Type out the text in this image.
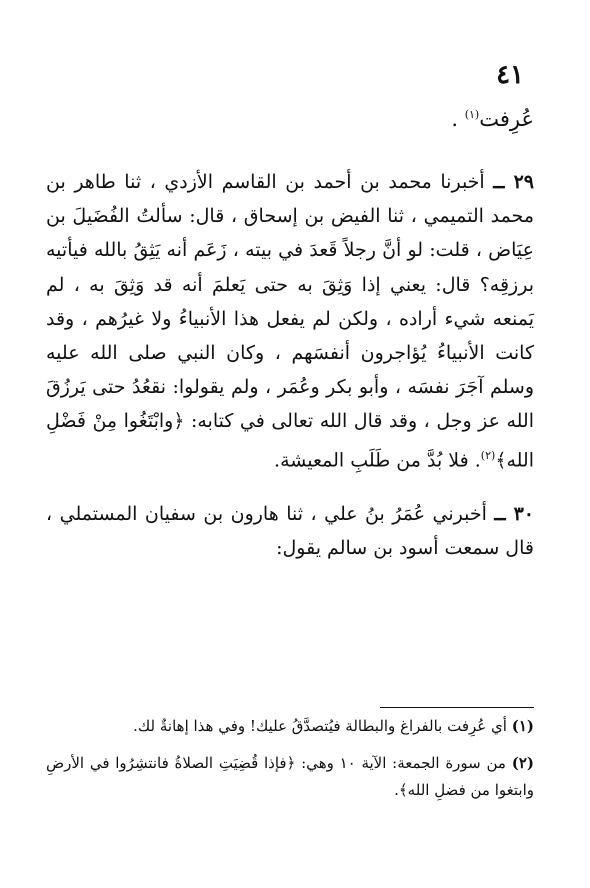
٤١
عُرِفت$^{(١)}$ .

٢٩ ــ أخبرنا محمد بن أحمد بن القاسم الأزدي ، ثنا طاهر بن محمد التميمي ، ثنا الفيض بن إسحاق ، قال: سألتُ الفُضَيلَ بن عِيَاض ، قلت: لو أنَّ رجلاً قَعدَ في بيته ، زَعَم أنه يَثِقُ بالله فيأتيه برزقِه؟ قال: يعني إذا وَثِقَ به حتى يَعلمَ أنه قد وَثِقَ به ، لم يَمنعه شيء أراده ، ولكن لم يفعل هذا الأنبياءُ ولا غيرُهم ، وقد كانت الأنبياءُ يُؤاجرون أنفسَهم ، وكان النبي صلى الله عليه وسلم آجَرَ نفسَه ، وأبو بكر وعُمَر ، ولم يقولوا: نقعُدُ حتى يَرزُقَ الله عز وجل ، وقد قال الله تعالى في كتابه: ﴿وابْتَغُوا مِنْ فَضْلِ الله﴾$^{(٢)}$. فلا بُدَّ من طَلَبِ المعيشة.

٣٠ ــ أخبرني عُمَرُ بنُ علي ، ثنا هارون بن سفيان المستملي ، قال سمعت أسود بن سالم يقول:

(١) أي عُرِفت بالفراغ والبطالة فيُتصدَّقُ عليك! وفي هذا إهانةٌ لك.

(٢) من سورة الجمعة: الآية ١٠ وهي: ﴿فإذا قُضِيَتِ الصلاةُ فانتشِرُوا في الأرضِ وابتغوا من فضلِ الله﴾.
